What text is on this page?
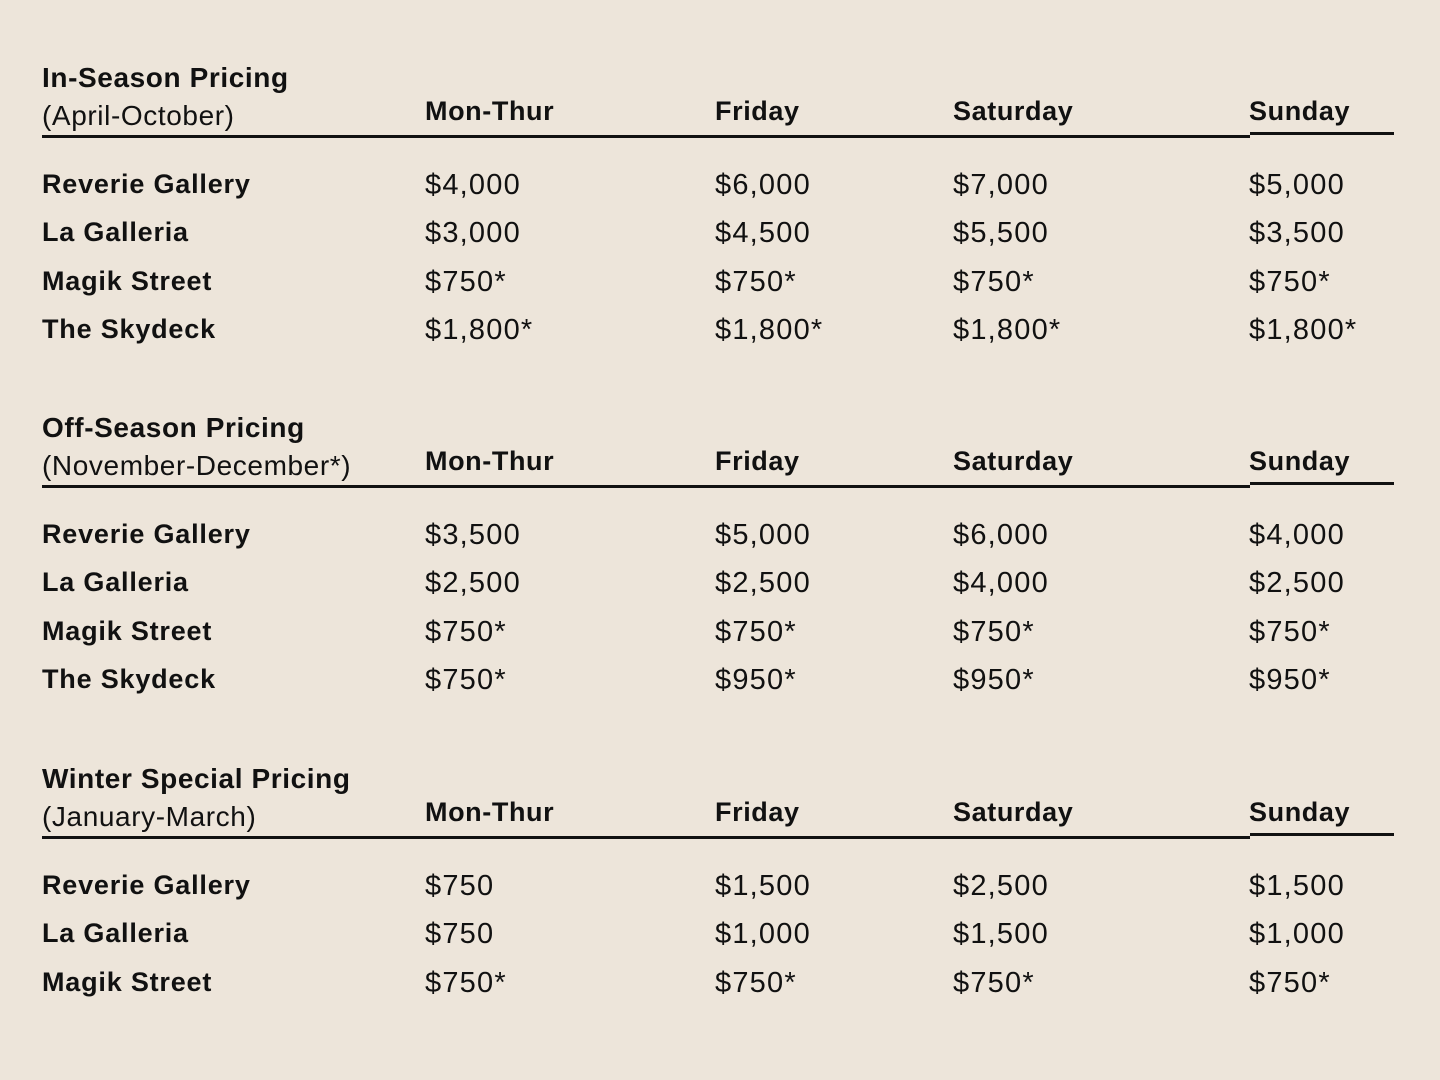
In-Season Pricing
(April-October)	Mon-Thur	Friday	Saturday	Sunday
Reverie Gallery	$4,000	$6,000	$7,000	$5,000
La Galleria	$3,000	$4,500	$5,500	$3,500
Magik Street	$750*	$750*	$750*	$750*
The Skydeck	$1,800*	$1,800*	$1,800*	$1,800*
Off-Season Pricing
(November-December*)	Mon-Thur	Friday	Saturday	Sunday
Reverie Gallery	$3,500	$5,000	$6,000	$4,000
La Galleria	$2,500	$2,500	$4,000	$2,500
Magik Street	$750*	$750*	$750*	$750*
The Skydeck	$750*	$950*	$950*	$950*
Winter Special Pricing
(January-March)	Mon-Thur	Friday	Saturday	Sunday
Reverie Gallery	$750	$1,500	$2,500	$1,500
La Galleria	$750	$1,000	$1,500	$1,000
Magik Street	$750*	$750*	$750*	$750*
